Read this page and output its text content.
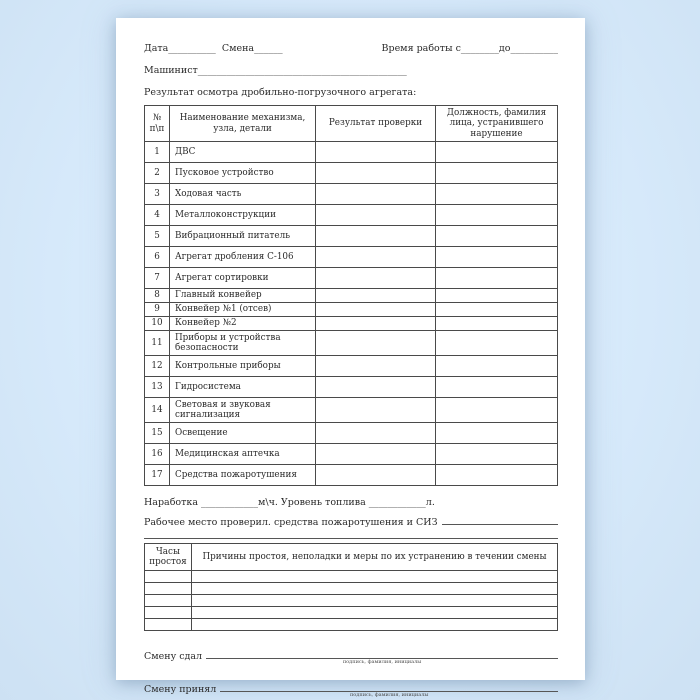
Дата__________ Смена______	Время работы с________до__________
Машинист____________________________________________
Результат осмотра дробильно-погрузочного агрегата:
№ п\п	Наименование механизма, узла, детали	Результат проверки	Должность, фамилия лица, устранившего нарушение
1	ДВС		
2	Пусковое устройство		
3	Ходовая часть		
4	Металлоконструкции		
5	Вибрационный питатель		
6	Агрегат дробления С-106		
7	Агрегат сортировки		
8	Главный конвейер		
9	Конвейер №1 (отсев)		
10	Конвейер №2		
11	Приборы и устройства безопасности		
12	Контрольные приборы		
13	Гидросистема		
14	Световая и звуковая сигнализация		
15	Освещение		
16	Медицинская аптечка		
17	Средства пожаротушения		
Наработка ____________м\ч. Уровень топлива ____________л.
Рабочее место проверил. средства пожаротушения и СИЗ
Часы простоя	Причины простоя, неполадки и меры по их устранению в течении смены

Смену сдал	подпись, фамилия, инициалы
Смену принял	подпись, фамилия, инициалы
